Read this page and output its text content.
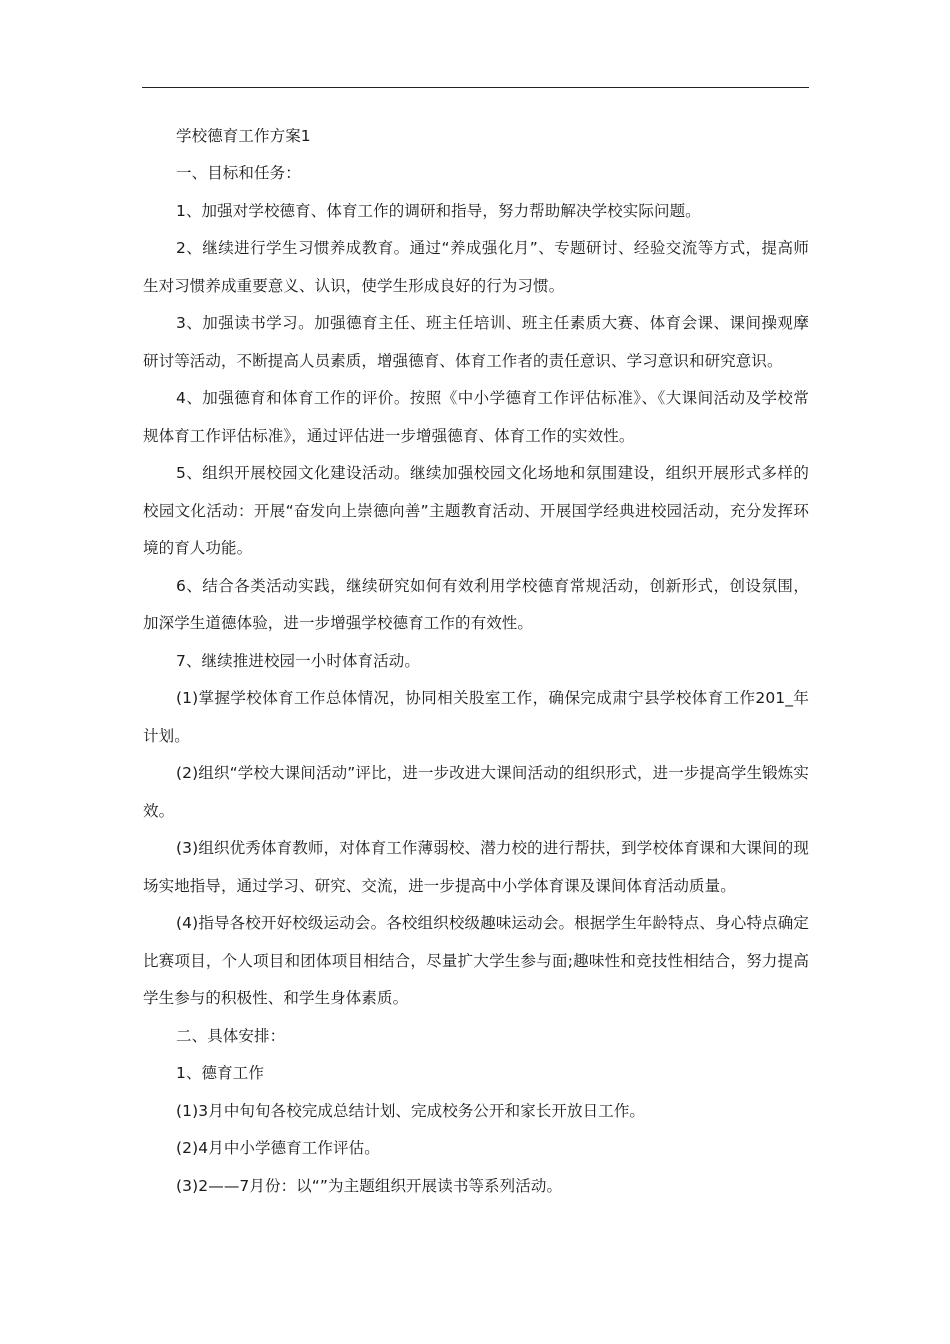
学校德育工作方案1

一、目标和任务：

1、加强对学校德育、体育工作的调研和指导，努力帮助解决学校实际问题。

2、继续进行学生习惯养成教育。通过“养成强化月”、专题研讨、经验交流等方式，提高师生对习惯养成重要意义、认识，使学生形成良好的行为习惯。

3、加强读书学习。加强德育主任、班主任培训、班主任素质大赛、体育会课、课间操观摩研讨等活动，不断提高人员素质，增强德育、体育工作者的责任意识、学习意识和研究意识。

4、加强德育和体育工作的评价。按照《中小学德育工作评估标准》、《大课间活动及学校常规体育工作评估标准》，通过评估进一步增强德育、体育工作的实效性。

5、组织开展校园文化建设活动。继续加强校园文化场地和氛围建设，组织开展形式多样的校园文化活动：开展“奋发向上崇德向善”主题教育活动、开展国学经典进校园活动，充分发挥环境的育人功能。

6、结合各类活动实践，继续研究如何有效利用学校德育常规活动，创新形式，创设氛围，加深学生道德体验，进一步增强学校德育工作的有效性。

7、继续推进校园一小时体育活动。

(1)掌握学校体育工作总体情况，协同相关股室工作，确保完成肃宁县学校体育工作201_年计划。

(2)组织“学校大课间活动”评比，进一步改进大课间活动的组织形式，进一步提高学生锻炼实效。

(3)组织优秀体育教师，对体育工作薄弱校、潜力校的进行帮扶，到学校体育课和大课间的现场实地指导，通过学习、研究、交流，进一步提高中小学体育课及课间体育活动质量。

(4)指导各校开好校级运动会。各校组织校级趣味运动会。根据学生年龄特点、身心特点确定比赛项目，个人项目和团体项目相结合，尽量扩大学生参与面;趣味性和竞技性相结合，努力提高学生参与的积极性、和学生身体素质。

二、具体安排：

1、德育工作

(1)3月中旬旬各校完成总结计划、完成校务公开和家长开放日工作。

(2)4月中小学德育工作评估。

(3)2——7月份：以“”为主题组织开展读书等系列活动。
